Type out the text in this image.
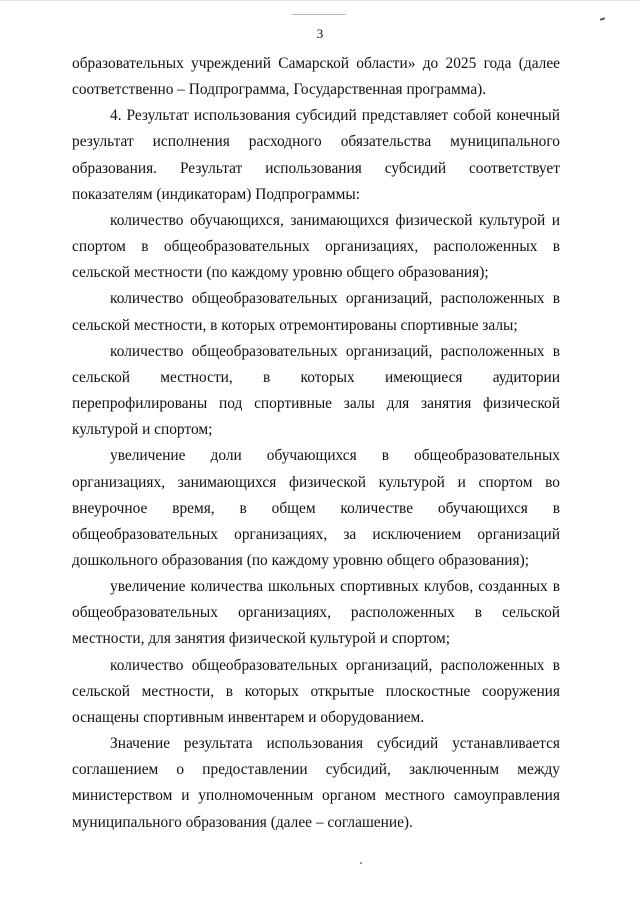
3

образовательных учреждений Самарской области» до 2025 года (далее соответственно – Подпрограмма, Государственная программа).

4. Результат использования субсидий представляет собой конечный результат исполнения расходного обязательства муниципального образования. Результат использования субсидий соответствует показателям (индикаторам) Подпрограммы:

количество обучающихся, занимающихся физической культурой и спортом в общеобразовательных организациях, расположенных в сельской местности (по каждому уровню общего образования);

количество общеобразовательных организаций, расположенных в сельской местности, в которых отремонтированы спортивные залы;

количество общеобразовательных организаций, расположенных в сельской местности, в которых имеющиеся аудитории перепрофилированы под спортивные залы для занятия физической культурой и спортом;

увеличение доли обучающихся в общеобразовательных организациях, занимающихся физической культурой и спортом во внеурочное время, в общем количестве обучающихся в общеобразовательных организациях, за исключением организаций дошкольного образования (по каждому уровню общего образования);

увеличение количества школьных спортивных клубов, созданных в общеобразовательных организациях, расположенных в сельской местности, для занятия физической культурой и спортом;

количество общеобразовательных организаций, расположенных в сельской местности, в которых открытые плоскостные сооружения оснащены спортивным инвентарем и оборудованием.

Значение результата использования субсидий устанавливается соглашением о предоставлении субсидий, заключенным между министерством и уполномоченным органом местного самоуправления муниципального образования (далее – соглашение).
